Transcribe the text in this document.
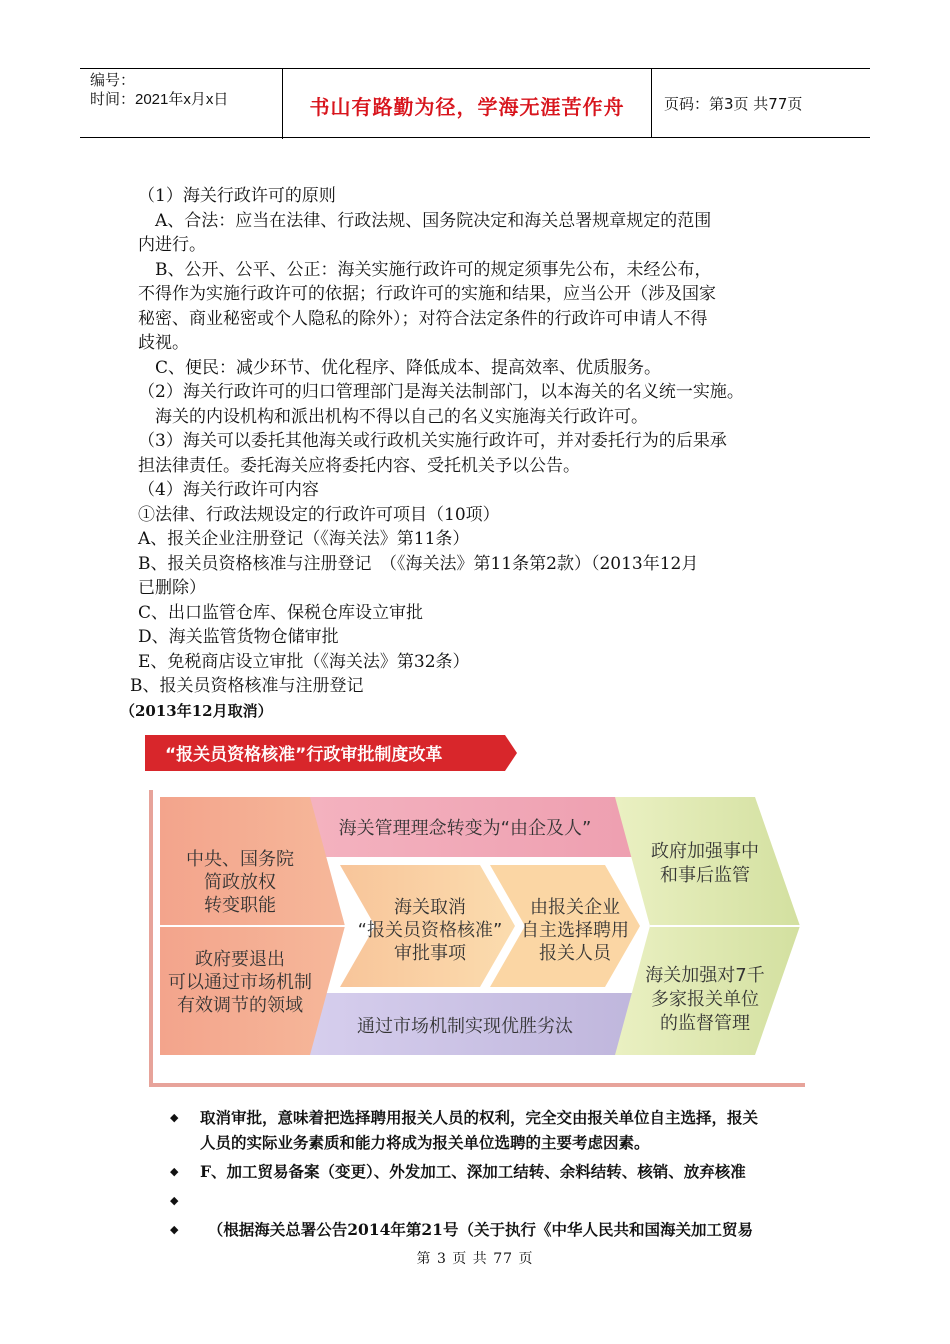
编号：
时间：2021年x月x日	书山有路勤为径，学海无涯苦作舟	页码：第3页 共77页

（1）海关行政许可的原则

　A、合法：应当在法律、行政法规、国务院决定和海关总署规章规定的范围

内进行。

　B、公开、公平、公正：海关实施行政许可的规定须事先公布，未经公布，

不得作为实施行政许可的依据；行政许可的实施和结果，应当公开（涉及国家

秘密、商业秘密或个人隐私的除外）；对符合法定条件的行政许可申请人不得

歧视。

　C、便民：减少环节、优化程序、降低成本、提高效率、优质服务。

（2）海关行政许可的归口管理部门是海关法制部门，以本海关的名义统一实施。

　海关的内设机构和派出机构不得以自己的名义实施海关行政许可。

（3）海关可以委托其他海关或行政机关实施行政许可，并对委托行为的后果承

担法律责任。委托海关应将委托内容、受托机关予以公告。

（4）海关行政许可内容

①法律、行政法规设定的行政许可项目（10项）

A、报关企业注册登记（《海关法》第11条）

B、报关员资格核准与注册登记　（《海关法》第11条第2款）（2013年12月

已删除）

C、出口监管仓库、保税仓库设立审批

D、海关监管货物仓储审批

E、免税商店设立审批（《海关法》第32条）

B、报关员资格核准与注册登记

（2013年12月取消）

“报关员资格核准”行政审批制度改革
海关管理理念转变为“由企及人”
通过市场机制实现优胜劣汰
中央、国务院
简政放权
转变职能
政府要退出
可以通过市场机制
有效调节的领域
海关取消
“报关员资格核准”
审批事项
由报关企业
自主选择聘用
报关人员
政府加强事中
和事后监管
海关加强对7千
多家报关单位
的监督管理
◆ 取消审批，意味着把选择聘用报关人员的权利，完全交由报关单位自主选择，报关
人员的实际业务素质和能力将成为报关单位选聘的主要考虑因素。
◆ F、加工贸易备案（变更）、外发加工、深加工结转、余料结转、核销、放弃核准
◆
◆ 　（根据海关总署公告2014年第21号（关于执行《中华人民共和国海关加工贸易
第 3 页 共 77 页
